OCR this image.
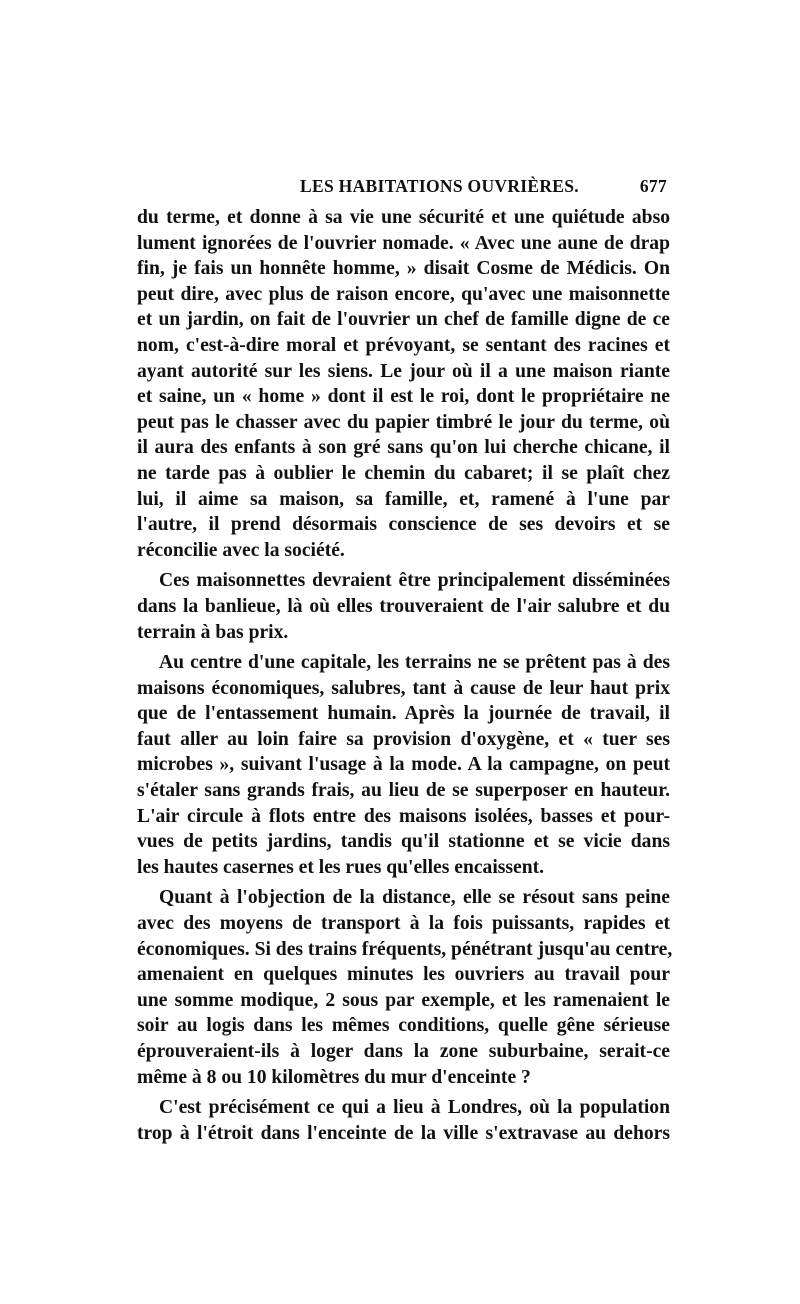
LES HABITATIONS OUVRIÈRES.	677
du terme, et donne à sa vie une sécurité et une quiétude abso
lument ignorées de l'ouvrier nomade. « Avec une aune de drap
fin, je fais un honnête homme, » disait Cosme de Médicis. On
peut dire, avec plus de raison encore, qu'avec une maisonnette
et un jardin, on fait de l'ouvrier un chef de famille digne de ce
nom, c'est-à-dire moral et prévoyant, se sentant des racines et
ayant autorité sur les siens. Le jour où il a une maison riante
et saine, un « home » dont il est le roi, dont le propriétaire ne
peut pas le chasser avec du papier timbré le jour du terme, où
il aura des enfants à son gré sans qu'on lui cherche chicane, il
ne tarde pas à oublier le chemin du cabaret; il se plaît chez
lui, il aime sa maison, sa famille, et, ramené à l'une par
l'autre, il prend désormais conscience de ses devoirs et se
réconcilie avec la société.
Ces maisonnettes devraient être principalement disséminées
dans la banlieue, là où elles trouveraient de l'air salubre et du
terrain à bas prix.
Au centre d'une capitale, les terrains ne se prêtent pas à des
maisons économiques, salubres, tant à cause de leur haut prix
que de l'entassement humain. Après la journée de travail, il
faut aller au loin faire sa provision d'oxygène, et « tuer ses
microbes », suivant l'usage à la mode. A la campagne, on peut
s'étaler sans grands frais, au lieu de se superposer en hauteur.
L'air circule à flots entre des maisons isolées, basses et pour-
vues de petits jardins, tandis qu'il stationne et se vicie dans
les hautes casernes et les rues qu'elles encaissent.
Quant à l'objection de la distance, elle se résout sans peine
avec des moyens de transport à la fois puissants, rapides et
économiques. Si des trains fréquents, pénétrant jusqu'au centre,
amenaient en quelques minutes les ouvriers au travail pour
une somme modique, 2 sous par exemple, et les ramenaient le
soir au logis dans les mêmes conditions, quelle gêne sérieuse
éprouveraient-ils à loger dans la zone suburbaine, serait-ce
même à 8 ou 10 kilomètres du mur d'enceinte ?
C'est précisément ce qui a lieu à Londres, où la population
trop à l'étroit dans l'enceinte de la ville s'extravase au dehors
